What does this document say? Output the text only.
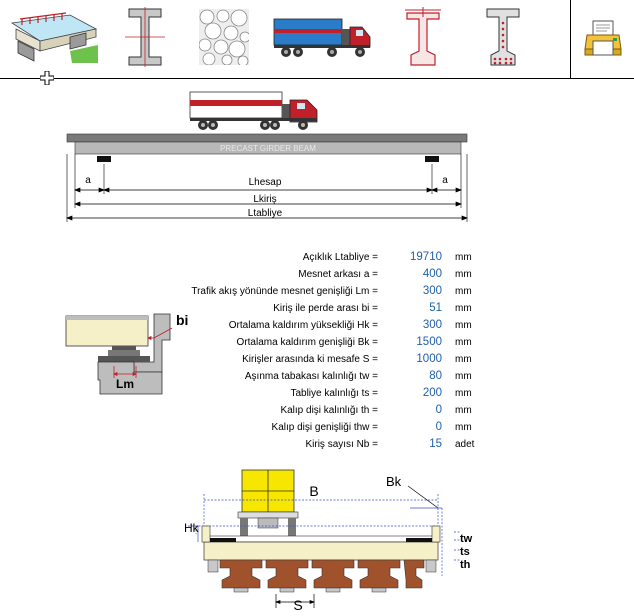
PRECAST GIRDER BEAM
a	a
Lhesap
Lkiriş
Ltabliye
bi
Lm
Açıklık Ltabliye =	19710 mm
Mesnet arkası a =	400 mm
Trafik akış yönünde mesnet genişliği Lm =	300 mm
Kiriş ile perde arası bi =	51 mm
Ortalama kaldırım yüksekliği Hk =	300 mm
Ortalama kaldırım genişliği Bk =	1500 mm
Kirişler arasında ki mesafe S =	1000 mm
Aşınma tabakası kalınlığı tw =	80 mm
Tabliye kalınlığı ts =	200 mm
Kalıp dişi kalınlığı th =	0 mm
Kalıp dişi genişliği thw =	0 mm
Kiriş sayısı Nb =	15 adet
B
Bk
Hk
tw
ts
th
S
